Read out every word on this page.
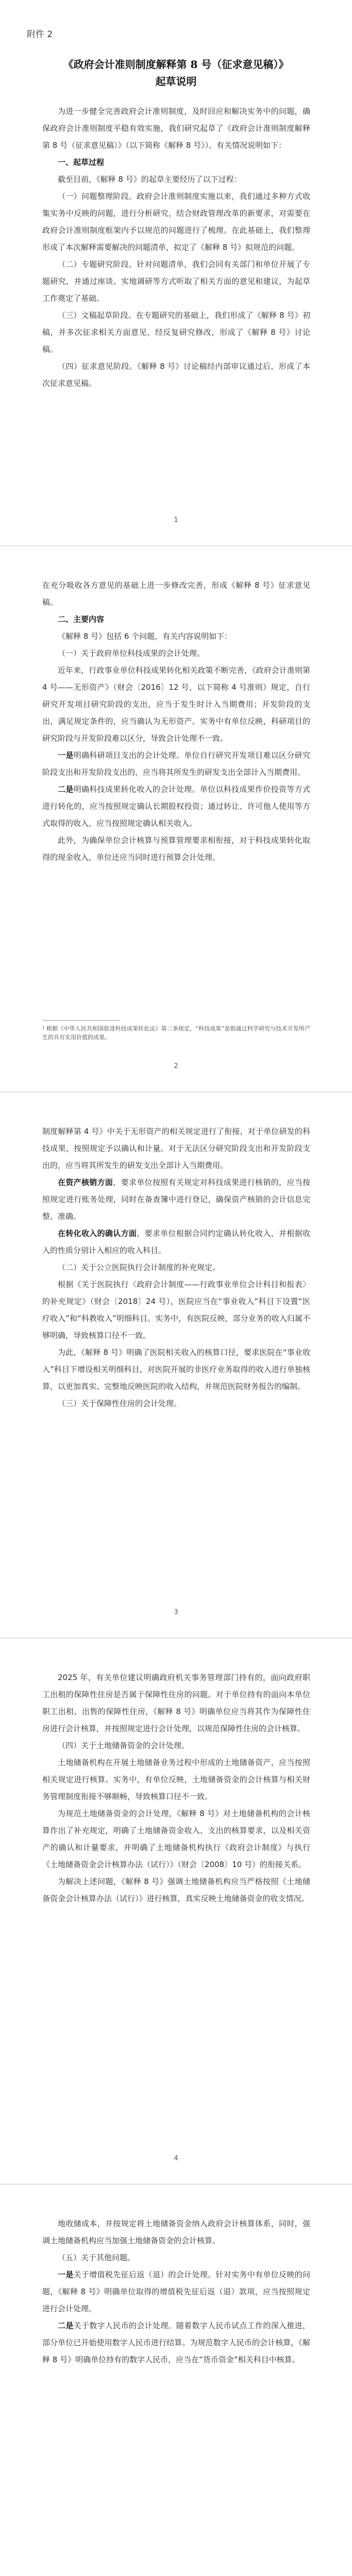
为进一步健全完善政府会计准则制度，及时回应和解决实务中的问题，确保政府会计准则制度平稳有效实施，我们研究起草了《政府会计准则制度解释第 8 号（征求意见稿）》（以下简称《解释 8 号》）。有关情况说明如下：

一、起草过程

截至目前，《解释 8 号》的起草主要经历了以下过程：

（一）问题整理阶段。政府会计准则制度实施以来，我们通过多种方式收集实务中反映的问题，进行分析研究，结合财政管理改革的新要求，对需要在政府会计准则制度框架内予以规范的问题进行了梳理。在此基础上，我们整理形成了本次解释需要解决的问题清单，拟定了《解释 8 号》拟规范的问题。

（二）专题研究阶段。针对问题清单，我们会同有关部门和单位开展了专题研究，并通过座谈、实地调研等方式听取了相关方面的意见和建议，为起草工作奠定了基础。

（三）文稿起草阶段。在专题研究的基础上，我们形成了《解释 8 号》初稿，并多次征求相关方面意见，经反复研究修改，形成了《解释 8 号》讨论稿。

（四）征求意见阶段。《解释 8 号》讨论稿经内部审议通过后，形成了本次征求意见稿。

1

在充分吸收各方意见的基础上进一步修改完善，形成《解释 8 号》征求意见稿。

二、主要内容

《解释 8 号》包括 6 个问题，有关内容说明如下：

（一）关于政府单位科技成果的会计处理。

近年来，行政事业单位科技成果转化相关政策不断完善，《政府会计准则第 4 号——无形资产》（财会〔2016〕12 号，以下简称 4 号准则）规定，自行研究开发项目研究阶段的支出，应当于发生时计入当期费用；开发阶段的支出，满足规定条件的，应当确认为无形资产。实务中有单位反映，科研项目的研究阶段与开发阶段难以区分，导致会计处理不一致。

一是明确科研项目支出的会计处理。单位自行研究开发项目难以区分研究阶段支出和开发阶段支出的，应当将其所发生的研发支出全部计入当期费用。

二是明确科技成果转化收入的会计处理。单位以科技成果作价投资等方式进行转化的，应当按照规定确认长期股权投资；通过转让、许可他人使用等方式取得的收入，应当按照规定确认相关收入。

此外，为确保单位会计核算与预算管理要求相衔接，对于科技成果转化取得的现金收入，单位还应当同时进行预算会计处理。

¹ 根据《中华人民共和国促进科技成果转化法》第二条规定，“科技成果”是指通过科学研究与技术开发所产生的具有实用价值的成果。
2

制度解释第 4 号》中关于无形资产的相关规定进行了衔接，对于单位研发的科技成果，按照规定予以确认和计量。对于无法区分研究阶段支出和开发阶段支出的，应当将其所发生的研发支出全部计入当期费用。

在资产核销方面，要求单位按照有关规定对科技成果进行核销的，应当按照规定进行账务处理，同时在备查簿中进行登记，确保资产核销的会计信息完整、准确。

在转化收入的确认方面，要求单位根据合同约定确认转化收入，并根据收入的性质分别计入相应的收入科目。

（二）关于公立医院执行会计制度的补充规定。

根据《关于医院执行〈政府会计制度——行政事业单位会计科目和报表〉的补充规定》（财会〔2018〕24 号），医院应当在“事业收入”科目下设置“医疗收入”和“科教收入”明细科目。实务中，有医院反映，部分业务的收入归属不够明确，导致核算口径不一致。

为此，《解释 8 号》明确了医院相关收入的核算口径，要求医院在“事业收入”科目下增设相关明细科目，对医院开展的非医疗业务取得的收入进行单独核算，以更加真实、完整地反映医院的收入结构，并规范医院财务报告的编制。

（三）关于保障性住房的会计处理。

3

2025 年，有关单位建议明确政府机关事务管理部门持有的，面向政府职工出租的保障性住房是否属于保障性住房的问题。对于单位持有的面向本单位职工出租、出售的保障性住房，《解释 8 号》明确单位应当将其作为保障性住房进行会计核算，并按照规定进行会计处理，以规范保障性住房的会计核算。

（四）关于土地储备资金的会计处理。

土地储备机构在开展土地储备业务过程中形成的土地储备资产，应当按照相关规定进行核算。实务中，有单位反映，土地储备资金的会计核算与相关财务管理制度衔接不够顺畅，导致核算口径不一致。

为规范土地储备资金的会计处理，《解释 8 号》对土地储备机构的会计核算作出了补充规定，明确了土地储备资金收入、支出的核算要求，以及相关资产的确认和计量要求，并明确了土地储备机构执行《政府会计制度》与执行《土地储备资金会计核算办法（试行）》（财会〔2008〕10 号）的衔接关系。

为解决上述问题，《解释 8 号》强调土地储备机构应当严格按照《土地储备资金会计核算办法（试行）》进行核算，真实反映土地储备资金的收支情况。

4

地收储成本，并按规定将土地储备资金纳入政府会计核算体系，同时，强调土地储备机构应当加强土地储备资金的会计核算。

（五）关于其他问题。

一是关于增值税先征后返（退）的会计处理。针对实务中有单位反映的问题，《解释 8 号》明确单位取得的增值税先征后返（退）款项，应当按照规定进行会计处理。

二是关于数字人民币的会计处理。随着数字人民币试点工作的深入推进，部分单位已开始使用数字人民币进行结算。为规范数字人民币的会计核算，《解释 8 号》明确单位持有的数字人民币，应当在“货币资金”相关科目中核算。

附件 2
《政府会计准则制度解释第 8 号（征求意见稿）》
起草说明
